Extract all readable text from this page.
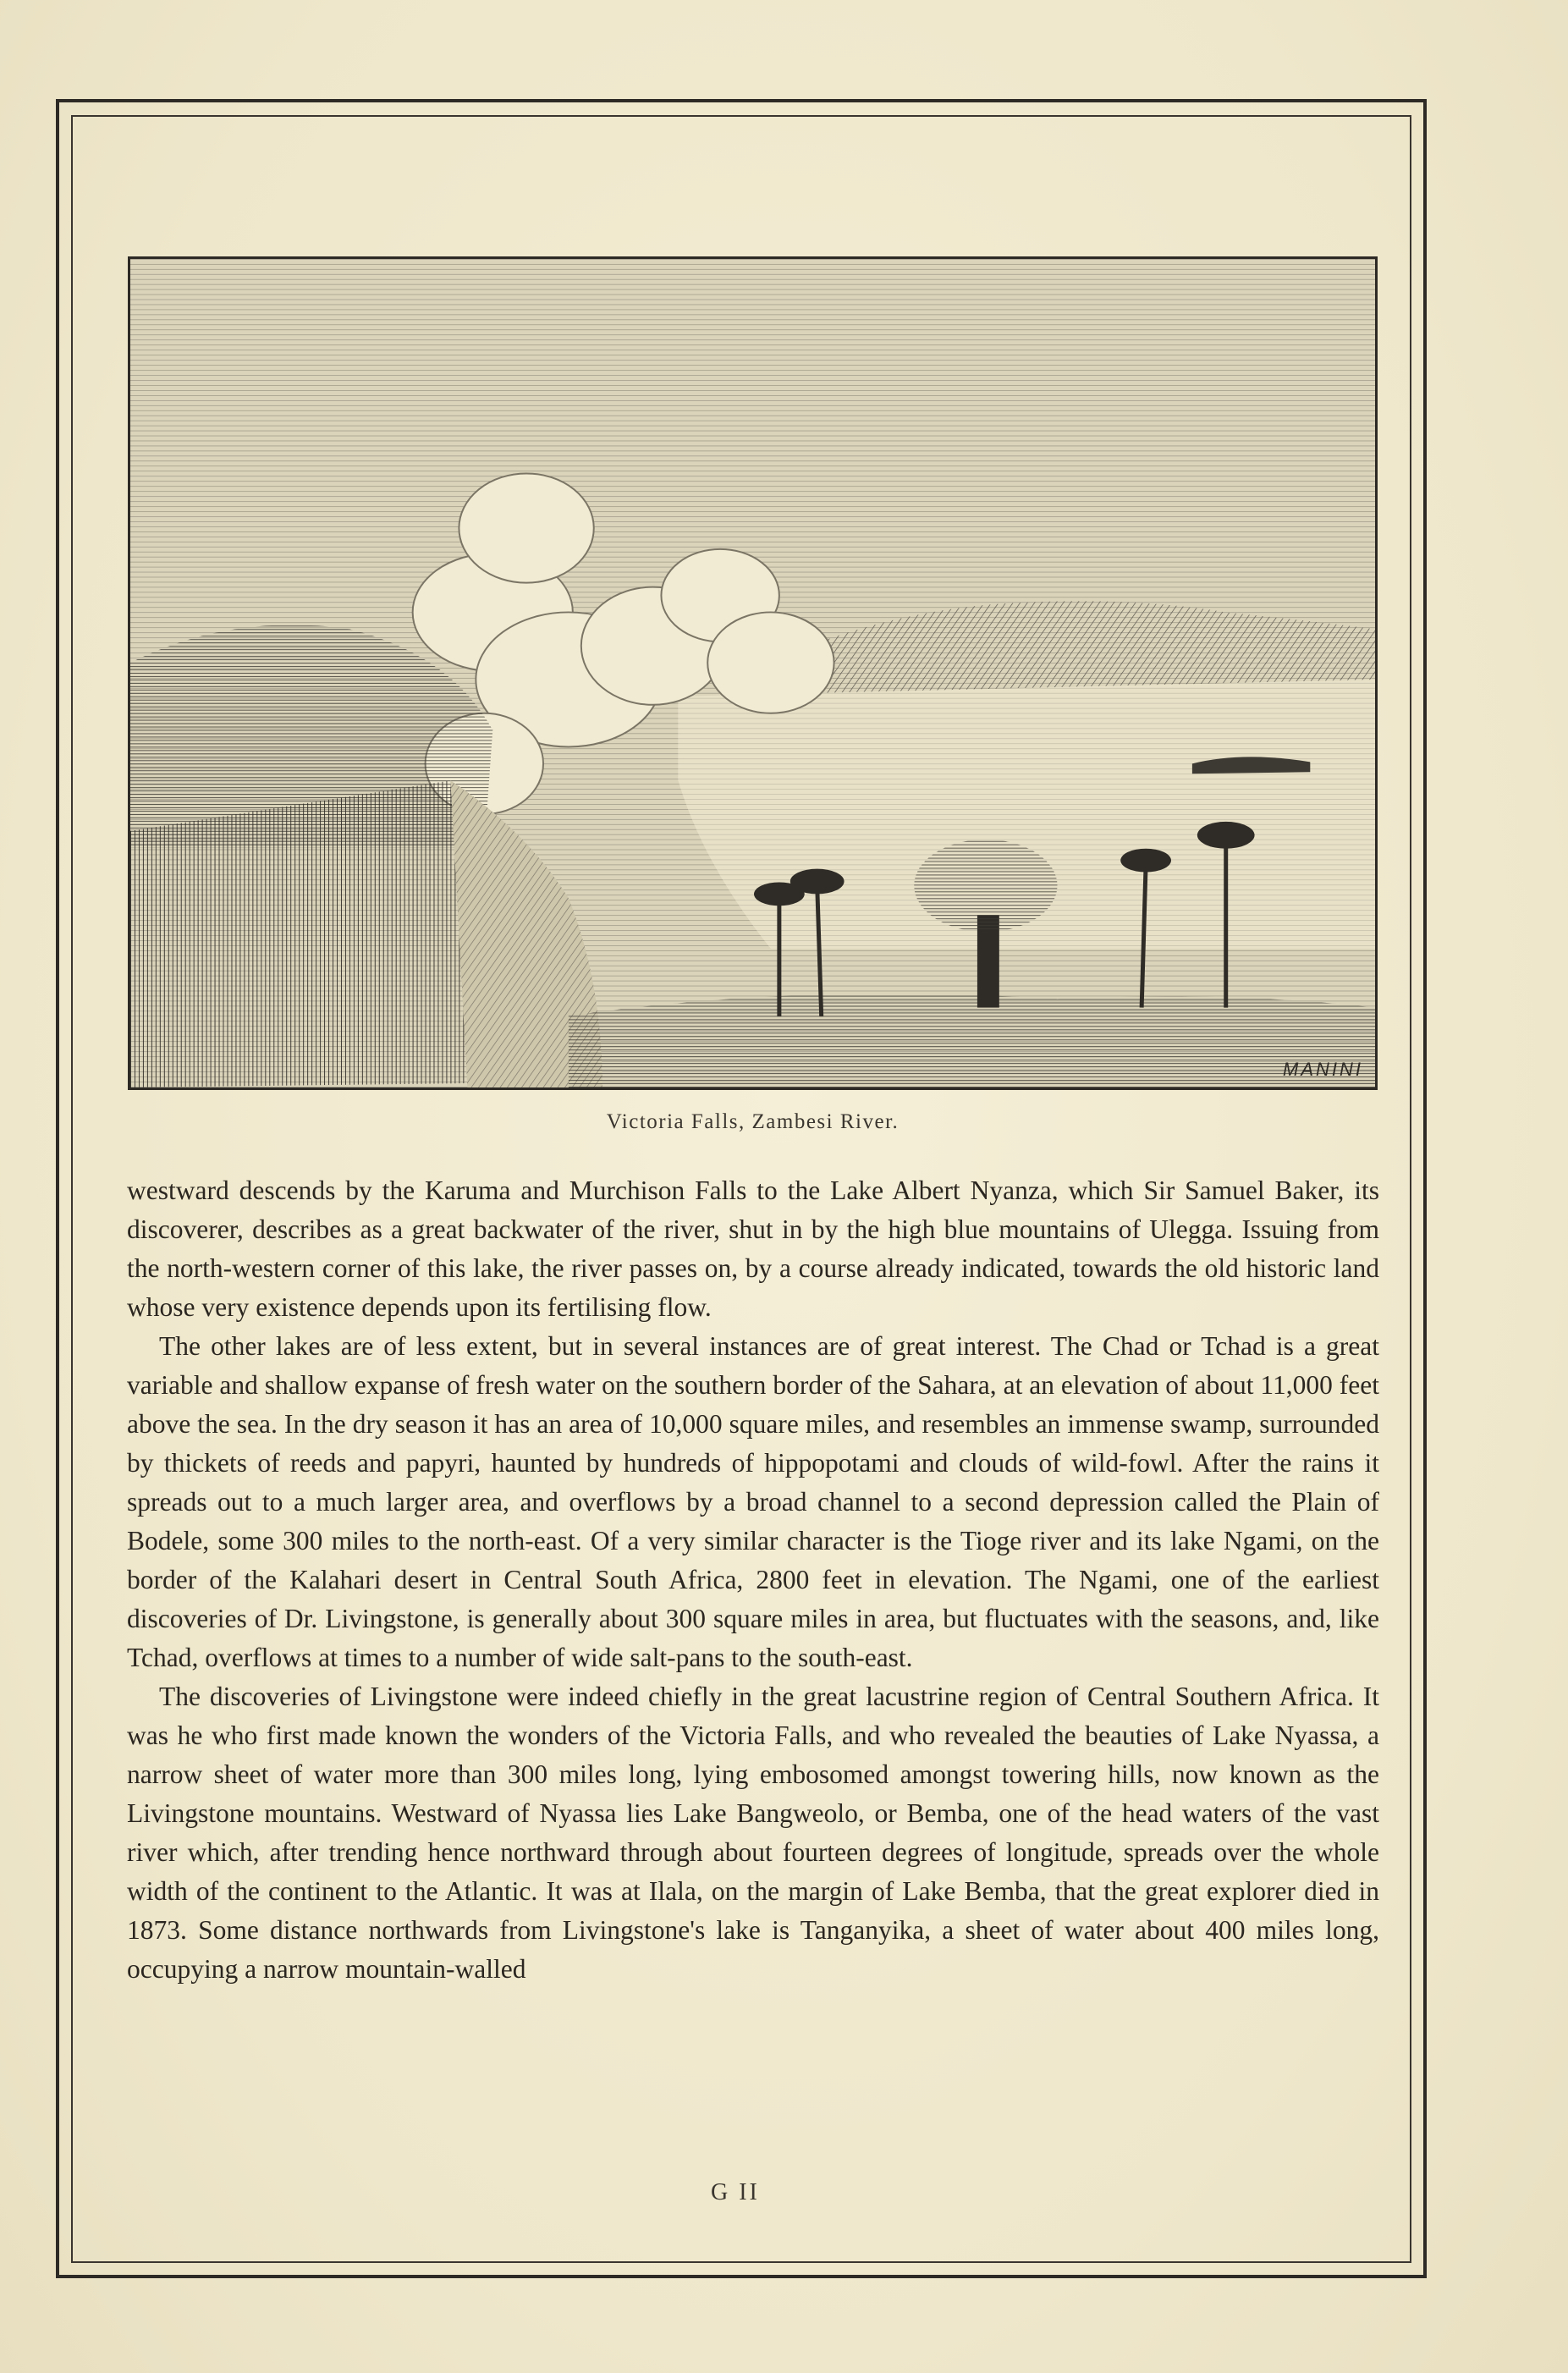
MANINI
Victoria Falls, Zambesi River.

westward descends by the Karuma and Murchison Falls to the Lake Albert Nyanza, which Sir Samuel Baker, its discoverer, describes as a great backwater of the river, shut in by the high blue mountains of Ulegga. Issuing from the north-western corner of this lake, the river passes on, by a course already indicated, towards the old historic land whose very existence depends upon its fertilising flow.

The other lakes are of less extent, but in several instances are of great interest. The Chad or Tchad is a great variable and shallow expanse of fresh water on the southern border of the Sahara, at an elevation of about 11,000 feet above the sea. In the dry season it has an area of 10,000 square miles, and resembles an immense swamp, surrounded by thickets of reeds and papyri, haunted by hundreds of hippopotami and clouds of wild-fowl. After the rains it spreads out to a much larger area, and overflows by a broad channel to a second depression called the Plain of Bodele, some 300 miles to the north-east. Of a very similar character is the Tioge river and its lake Ngami, on the border of the Kalahari desert in Central South Africa, 2800 feet in elevation. The Ngami, one of the earliest discoveries of Dr. Livingstone, is generally about 300 square miles in area, but fluctuates with the seasons, and, like Tchad, overflows at times to a number of wide salt-pans to the south-east.

The discoveries of Livingstone were indeed chiefly in the great lacustrine region of Central Southern Africa. It was he who first made known the wonders of the Victoria Falls, and who revealed the beauties of Lake Nyassa, a narrow sheet of water more than 300 miles long, lying embosomed amongst towering hills, now known as the Livingstone mountains. Westward of Nyassa lies Lake Bangweolo, or Bemba, one of the head waters of the vast river which, after trending hence northward through about fourteen degrees of longitude, spreads over the whole width of the continent to the Atlantic. It was at Ilala, on the margin of Lake Bemba, that the great explorer died in 1873. Some distance northwards from Livingstone's lake is Tanganyika, a sheet of water about 400 miles long, occupying a narrow mountain-walled

G II
